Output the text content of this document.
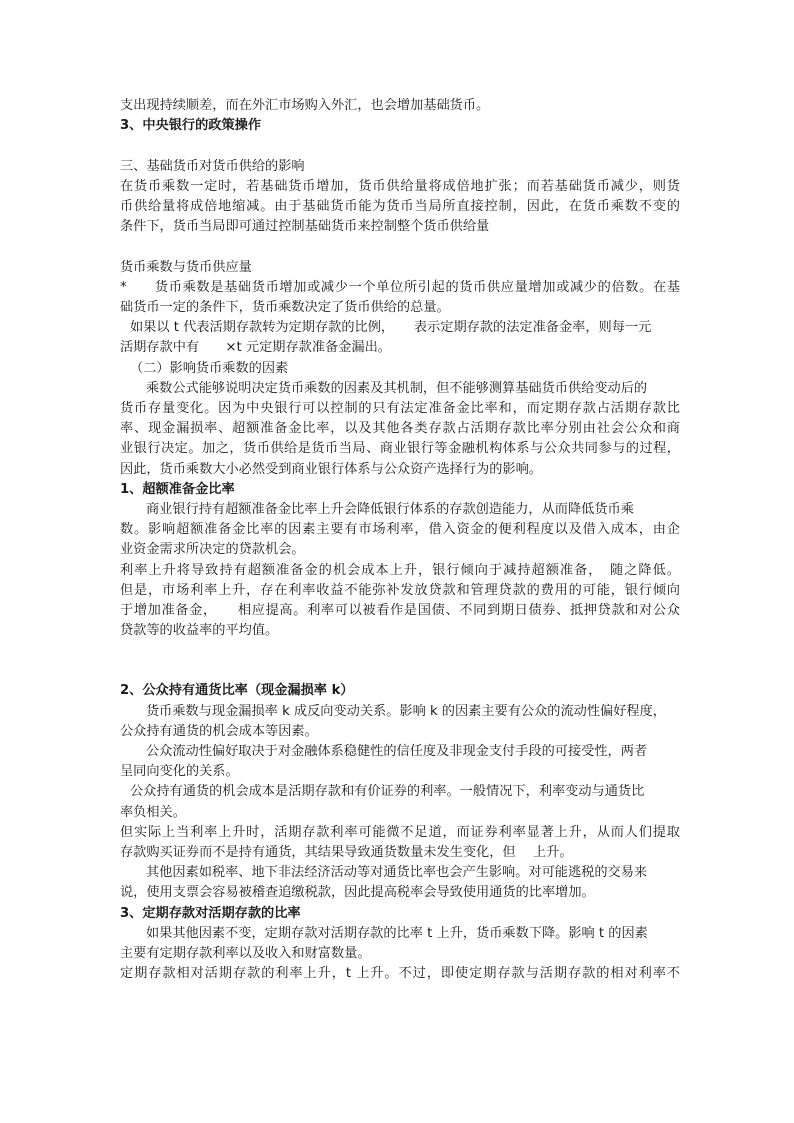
支出现持续顺差，而在外汇市场购入外汇，也会增加基础货币。

3、中央银行的政策操作

三、基础货币对货币供给的影响

在货币乘数一定时，若基础货币增加，货币供给量将成倍地扩张；而若基础货币减少，则货

币供给量将成倍地缩减。由于基础货币能为货币当局所直接控制，因此，在货币乘数不变的

条件下，货币当局即可通过控制基础货币来控制整个货币供给量

货币乘数与货币供应量

*　　货币乘数是基础货币增加或减少一个单位所引起的货币供应量增加或减少的倍数。在基

础货币一定的条件下，货币乘数决定了货币供给的总量。

如果以 t 代表活期存款转为定期存款的比例，　　表示定期存款的法定准备金率，则每一元

活期存款中有　　×t 元定期存款准备金漏出。

（二）影响货币乘数的因素

乘数公式能够说明决定货币乘数的因素及其机制，但不能够测算基础货币供给变动后的

货币存量变化。因为中央银行可以控制的只有法定准备金比率和，而定期存款占活期存款比

率、现金漏损率、超额准备金比率，以及其他各类存款占活期存款比率分别由社会公众和商

业银行决定。加之，货币供给是货币当局、商业银行等金融机构体系与公众共同参与的过程，

因此，货币乘数大小必然受到商业银行体系与公众资产选择行为的影响。

1、超额准备金比率

商业银行持有超额准备金比率上升会降低银行体系的存款创造能力，从而降低货币乘

数。影响超额准备金比率的因素主要有市场利率，借入资金的便利程度以及借入成本，由企

业资金需求所决定的贷款机会。

利率上升将导致持有超额准备金的机会成本上升，银行倾向于减持超额准备，　随之降低。

但是，市场利率上升，存在利率收益不能弥补发放贷款和管理贷款的费用的可能，银行倾向

于增加准备金，　　相应提高。利率可以被看作是国债、不同到期日债券、抵押贷款和对公众

贷款等的收益率的平均值。

2、公众持有通货比率（现金漏损率 k）

货币乘数与现金漏损率 k 成反向变动关系。影响 k 的因素主要有公众的流动性偏好程度，

公众持有通货的机会成本等因素。

公众流动性偏好取决于对金融体系稳健性的信任度及非现金支付手段的可接受性，两者

呈同向变化的关系。

公众持有通货的机会成本是活期存款和有价证券的利率。一般情况下，利率变动与通货比

率负相关。

但实际上当利率上升时，活期存款利率可能微不足道，而证券利率显著上升，从而人们提取

存款购买证券而不是持有通货，其结果导致通货数量未发生变化，但　 上升。

其他因素如税率、地下非法经济活动等对通货比率也会产生影响。对可能逃税的交易来

说，使用支票会容易被稽查追缴税款，因此提高税率会导致使用通货的比率增加。

3、定期存款对活期存款的比率

如果其他因素不变，定期存款对活期存款的比率 t 上升，货币乘数下降。影响 t 的因素

主要有定期存款利率以及收入和财富数量。

定期存款相对活期存款的利率上升，t 上升。不过，即使定期存款与活期存款的相对利率不
